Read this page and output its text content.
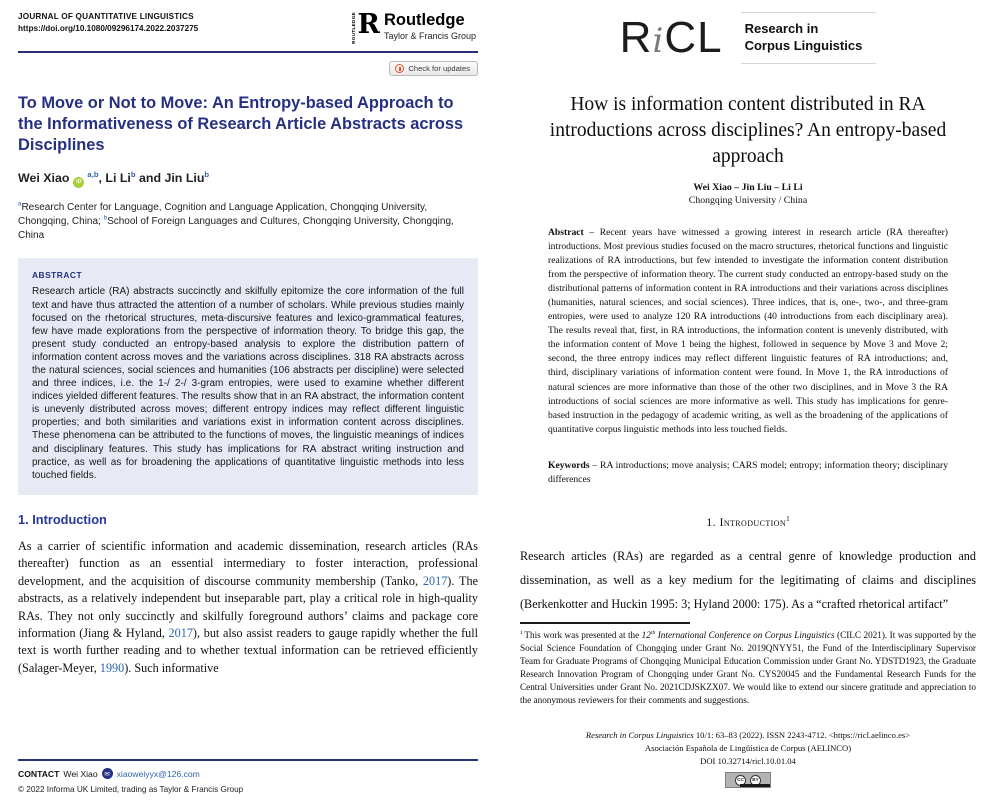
JOURNAL OF QUANTITATIVE LINGUISTICS
https://doi.org/10.1080/09296174.2022.2037275	ROUTLEDGE R Routledge
Taylor & Francis Group
Check for updates
To Move or Not to Move: An Entropy-based Approach to the Informativeness of Research Article Abstracts across Disciplines
Wei Xiao iD$^{a,b}$, Li Li$^b$ and Jin Liu$^b$
$^a$Research Center for Language, Cognition and Language Application, Chongqing University, Chongqing, China; $^b$School of Foreign Languages and Cultures, Chongqing University, Chongqing, China
ABSTRACT
Research article (RA) abstracts succinctly and skilfully epitomize the core information of the full text and have thus attracted the attention of a number of scholars. While previous studies mainly focused on the rhetorical structures, meta-discursive features and lexico-grammatical features, few have made explorations from the perspective of information theory. To bridge this gap, the present study conducted an entropy-based analysis to explore the distribution pattern of information content across moves and the variations across disciplines. 318 RA abstracts across the natural sciences, social sciences and humanities (106 abstracts per discipline) were selected and three indices, i.e. the 1-/ 2-/ 3-gram entropies, were used to examine whether different indices yielded different features. The results show that in an RA abstract, the information content is unevenly distributed across moves; different entropy indices may reflect different linguistic properties; and both similarities and variations exist in information content across disciplines. These phenomena can be attributed to the functions of moves, the linguistic meanings of indices and disciplinary features. This study has implications for RA abstract writing instruction and practice, as well as for broadening the applications of quantitative linguistic methods into less touched fields.
1. Introduction

As a carrier of scientific information and academic dissemination, research articles (RAs thereafter) function as an essential intermediary to foster interaction, professional development, and the acquisition of discourse community membership (Tanko, 2017). The abstracts, as a relatively independent but inseparable part, play a critical role in high-quality RAs. They not only succinctly and skilfully foreground authors’ claims and package core information (Jiang & Hyland, 2017), but also assist readers to gauge rapidly whether the full text is worth further reading and to whether textual information can be retrieved efficiently (Salager-Meyer, 1990). Such informative

CONTACT Wei Xiao	✉ xiaoweiyyx@126.com
© 2022 Informa UK Limited, trading as Taylor & Francis Group
RiCL Research in
Corpus Linguistics
How is information content distributed in RA introductions across disciplines? An entropy-based approach
Wei Xiao – Jin Liu – Li Li
Chongqing University / China

Abstract – Recent years have witnessed a growing interest in research article (RA thereafter) introductions. Most previous studies focused on the macro structures, rhetorical functions and linguistic realizations of RA introductions, but few intended to investigate the information content distribution from the perspective of information theory. The current study conducted an entropy-based study on the distributional patterns of information content in RA introductions and their variations across disciplines (humanities, natural sciences, and social sciences). Three indices, that is, one-, two-, and three-gram entropies, were used to analyze 120 RA introductions (40 introductions from each disciplinary area). The results reveal that, first, in RA introductions, the information content is unevenly distributed, with the information content of Move 1 being the highest, followed in sequence by Move 3 and Move 2; second, the three entropy indices may reflect different linguistic features of RA introductions; and, third, disciplinary variations of information content were found. In Move 1, the RA introductions of natural sciences are more informative than those of the other two disciplines, and in Move 3 the RA introductions of social sciences are more informative as well. This study has implications for genre-based instruction in the pedagogy of academic writing, as well as the broadening of the applications of quantitative corpus linguistic methods into less touched fields.

Keywords – RA introductions; move analysis; CARS model; entropy; information theory; disciplinary differences

1. Introduction$^1$

Research articles (RAs) are regarded as a central genre of knowledge production and dissemination, as well as a key medium for the legitimating of claims and disciplines (Berkenkotter and Huckin 1995: 3; Hyland 2000: 175). As a “crafted rhetorical artifact”

$^1$ This work was presented at the 12th International Conference on Corpus Linguistics (CILC 2021). It was supported by the Social Science Foundation of Chongqing under Grant No. 2019QNYY51, the Fund of the Interdisciplinary Supervisor Team for Graduate Programs of Chongqing Municipal Education Commission under Grant No. YDSTD1923, the Graduate Research Innovation Program of Chongqing under Grant No. CYS20045 and the Fundamental Research Funds for the Central Universities under Grant No. 2021CDJSKZX07. We would like to extend our sincere gratitude and appreciation to the anonymous reviewers for their comments and suggestions.

Research in Corpus Linguistics 10/1: 63–83 (2022). ISSN 2243-4712. <https://ricl.aelinco.es>
Asociación Española de Lingüística de Corpus (AELINCO)
DOI 10.32714/ricl.10.01.04
CC	BY
